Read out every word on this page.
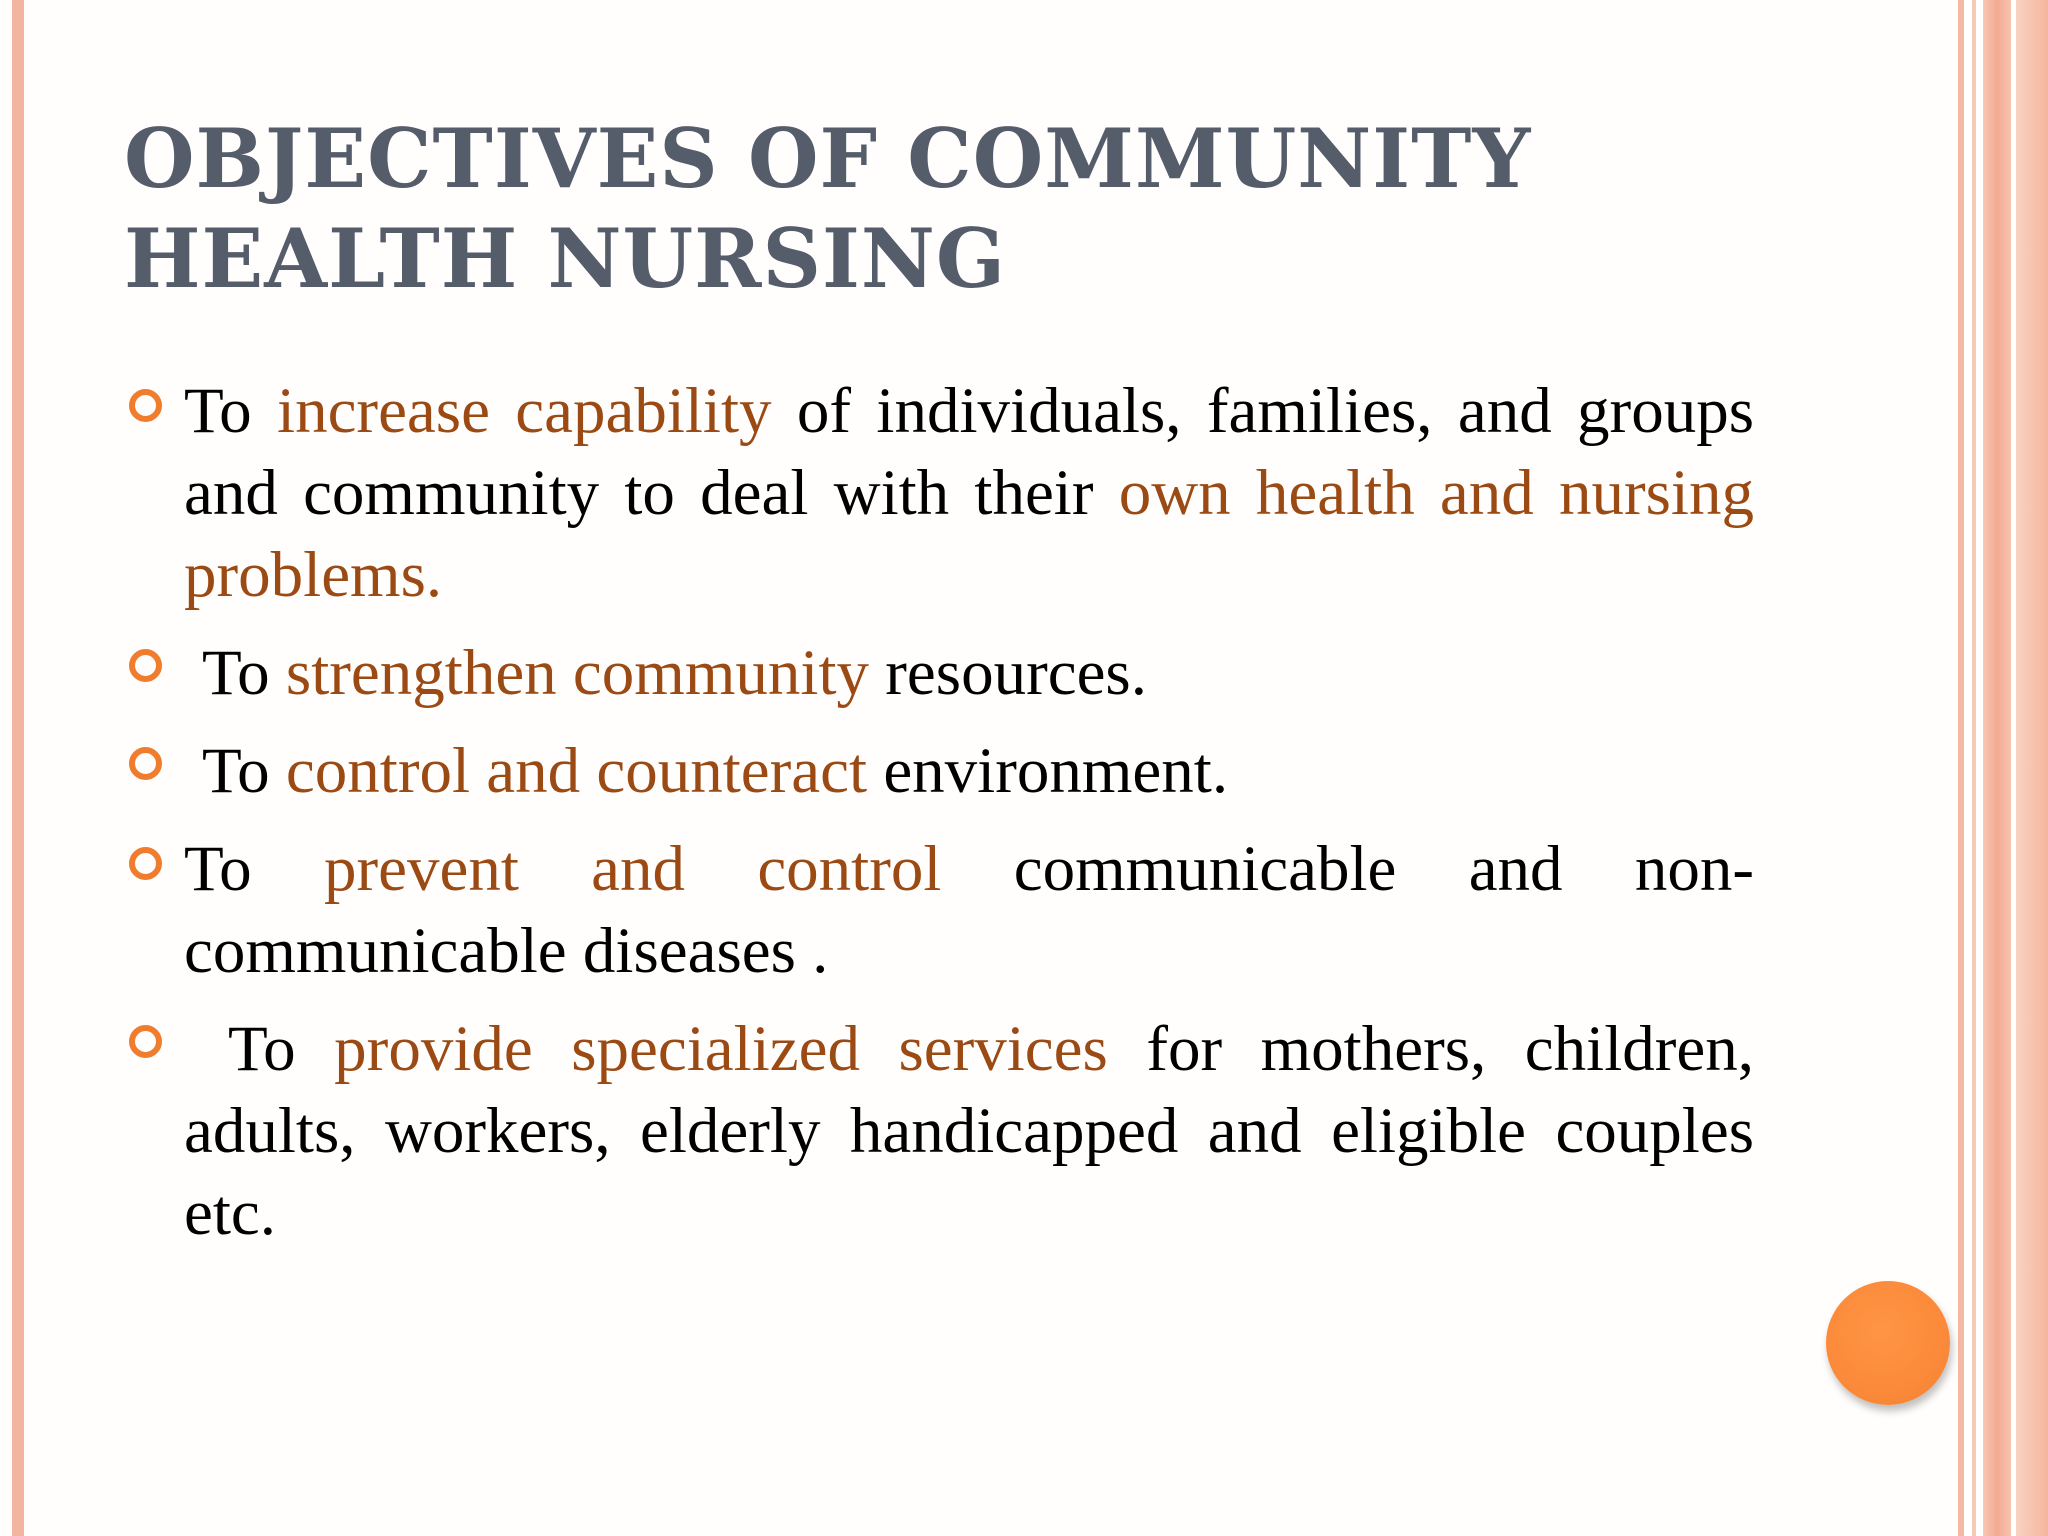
OBJECTIVES OF COMMUNITY
HEALTH NURSING
To increase capability of individuals, families, and groups and community to deal with their own health and nursing problems.
To strengthen community resources.
To control and counteract environment.
To prevent and control communicable and non-communicable diseases .
To provide specialized services for mothers, children, adults, workers, elderly handicapped and eligible couples etc.
